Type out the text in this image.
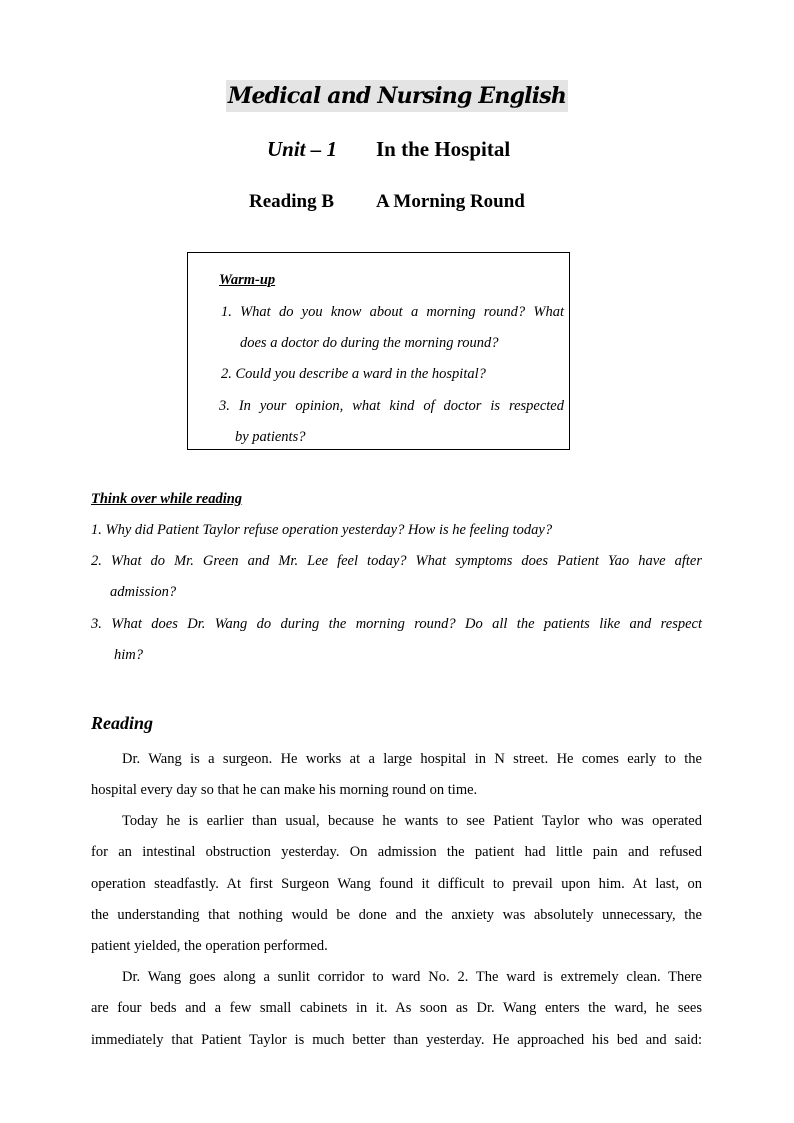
Medical and Nursing English
Unit – 1 In the Hospital
Reading B A Morning Round
Warm-up
1. What do you know about a morning round? What
does a doctor do during the morning round?
2. Could you describe a ward in the hospital?
3. In your opinion, what kind of doctor is respected
by patients?
Think over while reading
1. Why did Patient Taylor refuse operation yesterday? How is he feeling today?
2. What do Mr. Green and Mr. Lee feel today? What symptoms does Patient Yao have after
admission?
3. What does Dr. Wang do during the morning round? Do all the patients like and respect
him?
Reading
Dr. Wang is a surgeon. He works at a large hospital in N street. He comes early to the
hospital every day so that he can make his morning round on time.
Today he is earlier than usual, because he wants to see Patient Taylor who was operated
for an intestinal obstruction yesterday. On admission the patient had little pain and refused
operation steadfastly. At first Surgeon Wang found it difficult to prevail upon him. At last, on
the understanding that nothing would be done and the anxiety was absolutely unnecessary, the
patient yielded, the operation performed.
Dr. Wang goes along a sunlit corridor to ward No. 2. The ward is extremely clean. There
are four beds and a few small cabinets in it. As soon as Dr. Wang enters the ward, he sees
immediately that Patient Taylor is much better than yesterday. He approached his bed and said:
